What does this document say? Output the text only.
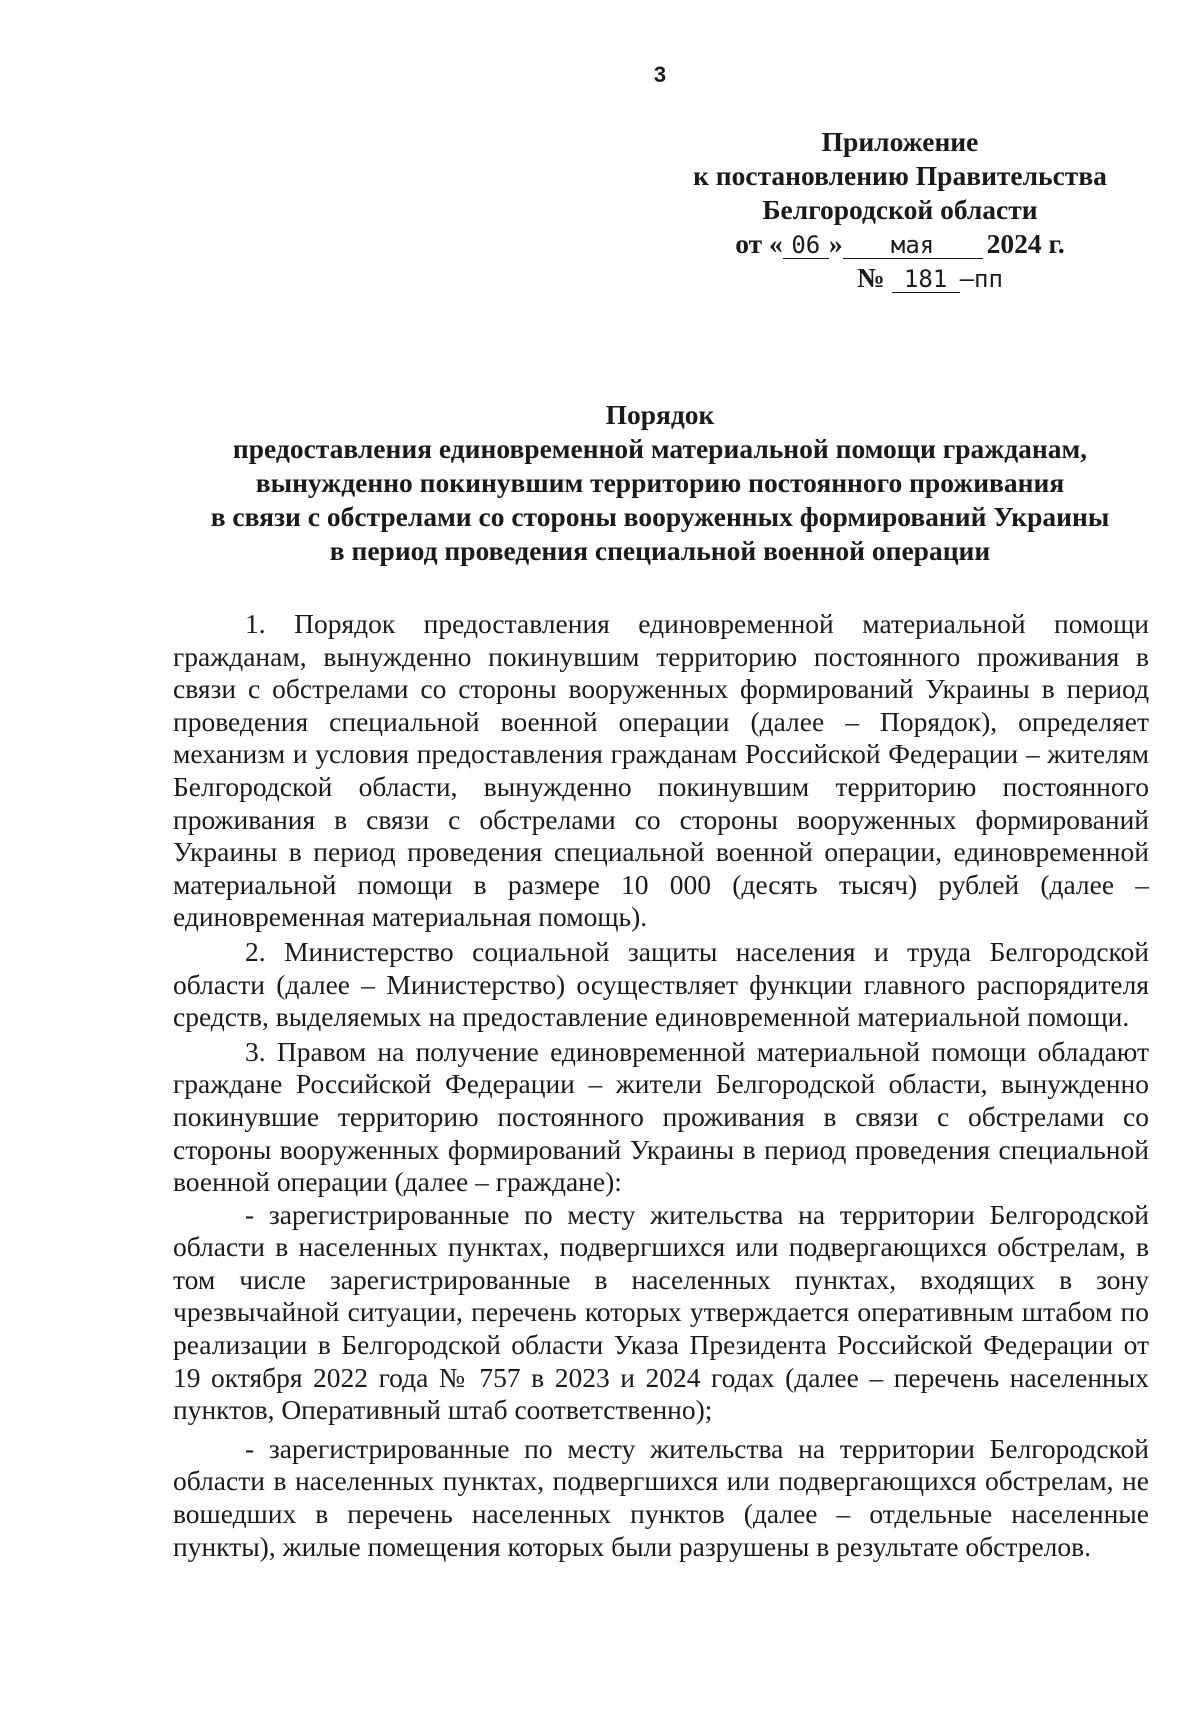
3
Приложение
к постановлению Правительства
Белгородской области
от « 06 » мая 2024 г.
№ 181 –пп
Порядок
предоставления единовременной материальной помощи гражданам,
вынужденно покинувшим территорию постоянного проживания
в связи с обстрелами со стороны вооруженных формирований Украины
в период проведения специальной военной операции

1. Порядок предоставления единовременной материальной помощи гражданам, вынужденно покинувшим территорию постоянного проживания в связи с обстрелами со стороны вооруженных формирований Украины в период проведения специальной военной операции (далее – Порядок), определяет механизм и условия предоставления гражданам Российской Федерации – жителям Белгородской области, вынужденно покинувшим территорию постоянного проживания в связи с обстрелами со стороны вооруженных формирований Украины в период проведения специальной военной операции, единовременной материальной помощи в размере 10 000 (десять тысяч) рублей (далее – единовременная материальная помощь).

2. Министерство социальной защиты населения и труда Белгородской области (далее – Министерство) осуществляет функции главного распорядителя средств, выделяемых на предоставление единовременной материальной помощи.

3. Правом на получение единовременной материальной помощи обладают граждане Российской Федерации – жители Белгородской области, вынужденно покинувшие территорию постоянного проживания в связи с обстрелами со стороны вооруженных формирований Украины в период проведения специальной военной операции (далее – граждане):

- зарегистрированные по месту жительства на территории Белгородской области в населенных пунктах, подвергшихся или подвергающихся обстрелам, в том числе зарегистрированные в населенных пунктах, входящих в зону чрезвычайной ситуации, перечень которых утверждается оперативным штабом по реализации в Белгородской области Указа Президента Российской Федерации от 19 октября 2022 года № 757 в 2023 и 2024 годах (далее – перечень населенных пунктов, Оперативный штаб соответственно);

- зарегистрированные по месту жительства на территории Белгородской области в населенных пунктах, подвергшихся или подвергающихся обстрелам, не вошедших в перечень населенных пунктов (далее – отдельные населенные пункты), жилые помещения которых были разрушены в результате обстрелов.
